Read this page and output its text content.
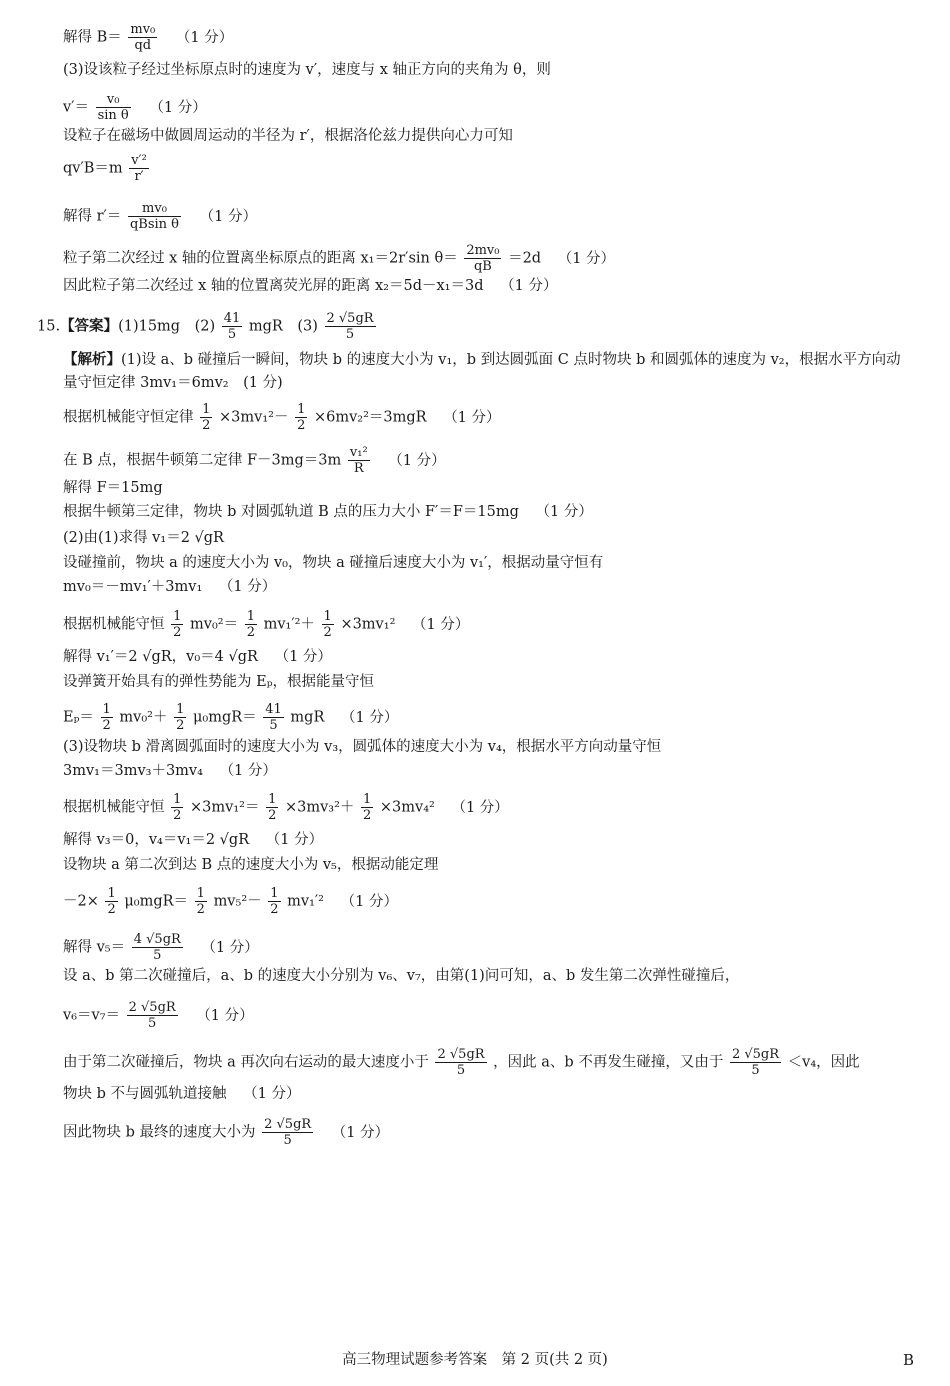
解得 $B= \frac{\text{mv₀}}{qd} (1$ 分）
(3)设该粒子经过坐标原点时的速度为 v′，速度与 x 轴正方向的夹角为 θ，则
$v'= \frac{\text{v₀}}{\text{sin θ}} (1$ 分）
设粒子在磁场中做圆周运动的半径为 r′，根据洛伦兹力提供向心力可知
$qv'B=m \frac{\text{v′²}}{r'}$
解得 $r'= \frac{\text{mv₀}}{\text{qBsin θ}} (1$ 分）
粒子第二次经过 x 轴的位置离坐标原点的距离 x₁＝2r′sin $\theta= \frac{\text{2mv₀}}{qB} =2d$ （1 分）
因此粒子第二次经过 x 轴的位置离荧光屏的距离 x₂＝5d－x₁＝3d （1 分）
15.【答案】(1)15mg　$(2) \frac{41}{5}$ mgR　$(3) \frac{2 √5gR}{5}$
【解析】(1)设 a、b 碰撞后一瞬间，物块 b 的速度大小为 v₁，b 到达圆弧面 C 点时物块 b 和圆弧体的速度为 v₂，根据水平方向动量守恒定律 3mv₁＝6mv₂　(1 分)
根据机械能守恒定律 $\frac{1}{2} \times 3mv_1^2- \frac{1}{2} \times 6mv_2^2=3mgR$ （1 分）
在 B 点，根据牛顿第二定律 $F-3mg=3m \frac{\text{v₁²}}{R} (1$ 分）
解得 F＝15mg
根据牛顿第三定律，物块 b 对圆弧轨道 B 点的压力大小 F′＝F＝15mg （1 分）
(2)由(1)求得 v₁＝2 √gR
设碰撞前，物块 a 的速度大小为 v₀，物块 a 碰撞后速度大小为 v₁′，根据动量守恒有
mv₀＝－mv₁′＋3mv₁ （1 分）
根据机械能守恒 $\frac{1}{2} mv_0^2= \frac{1}{2} mv_1'^2+ \frac{1}{2} \times 3mv_1^2$ （1 分）
解得 v₁′＝2 √gR，v₀＝4 √gR （1 分）
设弹簧开始具有的弹性势能为 Eₚ，根据能量守恒
$E_p= \frac{1}{2} mv_0^2+ \frac{1}{2} \mu_0mgR= \frac{41}{5}$ mgR （1 分）
(3)设物块 b 滑离圆弧面时的速度大小为 v₃，圆弧体的速度大小为 v₄，根据水平方向动量守恒
3mv₁＝3mv₃＋3mv₄ （1 分）
根据机械能守恒 $\frac{1}{2} \times 3mv_1^2= \frac{1}{2} \times 3mv_3^2+ \frac{1}{2} \times 3mv_4^2$ （1 分）
解得 v₃＝0，v₄＝v₁＝2 √gR （1 分）
设物块 a 第二次到达 B 点的速度大小为 v₅，根据动能定理
$-2\times \frac{1}{2} \mu_0mgR= \frac{1}{2} mv_5^2- \frac{1}{2} mv_1'^2$ （1 分）
解得 $v_5= \frac{4 √5gR}{5} (1$ 分）
设 a、b 第二次碰撞后，a、b 的速度大小分别为 v₆、v₇，由第(1)问可知，a、b 发生第二次弹性碰撞后，
$v_6=v_7= \frac{2 √5gR}{5} (1$ 分）
由于第二次碰撞后，物块 a 再次向右运动的最大速度小于 $\frac{2 √5gR}{5}$ ，因此 a、b 不再发生碰撞，又由于 $\frac{2 √5gR}{5} <v_4$，因此
物块 b 不与圆弧轨道接触 （1 分）
因此物块 b 最终的速度大小为 $\frac{2 √5gR}{5} (1$ 分）
高三物理试题参考答案　第 2 页(共 2 页)	B
